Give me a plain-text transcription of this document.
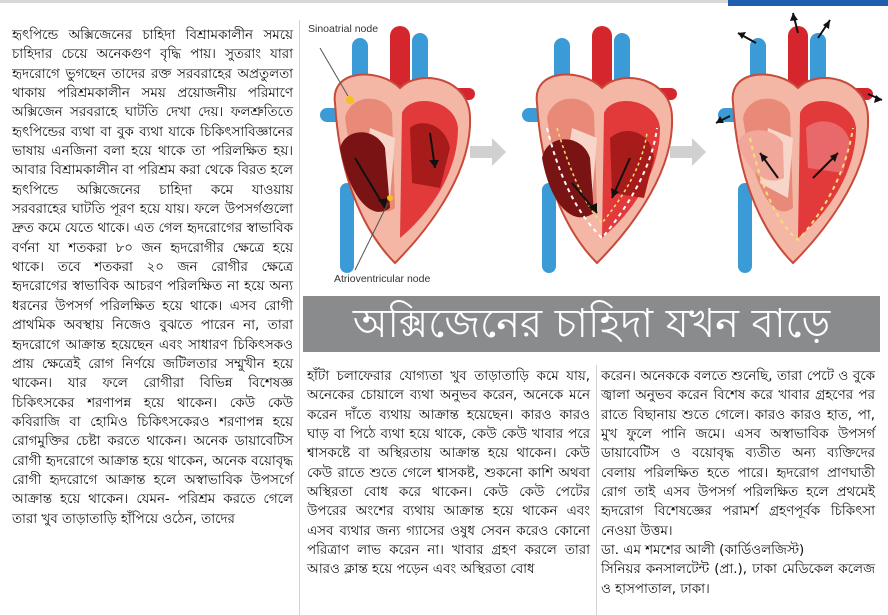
হৃৎপিন্ডে অক্সিজেনের চাহিদা বিশ্রামকালীন সময়ে চাহিদার চেয়ে অনেকগুণ বৃদ্ধি পায়। সুতরাং যারা হৃদরোগে ভুগছেন তাদের রক্ত সরবরাহের অপ্রতুলতা থাকায় পরিশ্রমকালীন সময় প্রয়োজনীয় পরিমাণে অক্সিজেন সরবরাহে ঘাটতি দেখা দেয়। ফলশ্রুতিতে হৃৎপিন্ডের ব্যথা বা বুক ব্যথা যাকে চিকিৎসাবিজ্ঞানের ভাষায় এনজিনা বলা হয়ে থাকে তা পরিলক্ষিত হয়। আবার বিশ্রামকালীন বা পরিশ্রম করা থেকে বিরত হলে হৃৎপিন্ডে অক্সিজেনের চাহিদা কমে যাওয়ায় সরবরাহের ঘাটতি পূরণ হয়ে যায়। ফলে উপসর্গগুলো দ্রুত কমে যেতে থাকে। এত গেল হৃদরোগের স্বাভাবিক বর্ণনা যা শতকরা ৮০ জন হৃদরোগীর ক্ষেত্রে হয়ে থাকে। তবে শতকরা ২০ জন রোগীর ক্ষেত্রে হৃদরোগের স্বাভাবিক আচরণ পরিলক্ষিত না হয়ে অন্য ধরনের উপসর্গ পরিলক্ষিত হয়ে থাকে। এসব রোগী প্রাথমিক অবস্থায় নিজেও বুঝতে পারেন না, তারা হৃদরোগে আক্রান্ত হয়েছেন এবং সাধারণ চিকিৎসকও প্রায় ক্ষেত্রেই রোগ নির্ণয়ে জটিলতার সম্মুখীন হয়ে থাকেন। যার ফলে রোগীরা বিভিন্ন বিশেষজ্ঞ চিকিৎসকের শরণাপন্ন হয়ে থাকেন। কেউ কেউ কবিরাজি বা হোমিও চিকিৎসকেরও শরণাপন্ন হয়ে রোগমুক্তির চেষ্টা করতে থাকেন। অনেক ডায়াবেটিস রোগী হৃদরোগে আক্রান্ত হয়ে থাকেন, অনেক বয়োবৃদ্ধ রোগী হৃদরোগে আক্রান্ত হলে অস্বাভাবিক উপসর্গে আক্রান্ত হয়ে থাকেন। যেমন- পরিশ্রম করতে গেলে তারা খুব তাড়াতাড়ি হাঁপিয়ে ওঠেন, তাদের

Sinoatrial node
Atrioventricular node
অক্সিজেনের চাহিদা যখন বাড়ে

হাঁটা চলাফেরার যোগ্যতা খুব তাড়াতাড়ি কমে যায়, অনেকের চোয়ালে ব্যথা অনুভব করেন, অনেকে মনে করেন দাঁতে ব্যথায় আক্রান্ত হয়েছেন। কারও কারও ঘাড় বা পিঠে ব্যথা হয়ে থাকে, কেউ কেউ খাবার পরে শ্বাসকষ্টে বা অস্থিরতায় আক্রান্ত হয়ে থাকেন। কেউ কেউ রাতে শুতে গেলে শ্বাসকষ্ট, শুকনো কাশি অথবা অস্থিরতা বোধ করে থাকেন। কেউ কেউ পেটের উপরের অংশের ব্যথায় আক্রান্ত হয়ে থাকেন এবং এসব ব্যথার জন্য গ্যাসের ওষুধ সেবন করেও কোনো পরিত্রাণ লাভ করেন না। খাবার গ্রহণ করলে তারা আরও ক্লান্ত হয়ে পড়েন এবং অস্থিরতা বোধ

করেন। অনেককে বলতে শুনেছি, তারা পেটে ও বুকে জ্বালা অনুভব করেন বিশেষ করে খাবার গ্রহণের পর রাতে বিছানায় শুতে গেলে। কারও কারও হাত, পা, মুখ ফুলে পানি জমে। এসব অস্বাভাবিক উপসর্গ ডায়াবেটিস ও বয়োবৃদ্ধ ব্যতীত অন্য ব্যক্তিদের বেলায় পরিলক্ষিত হতে পারে। হৃদরোগ প্রাণঘাতী রোগ তাই এসব উপসর্গ পরিলক্ষিত হলে প্রথমেই হৃদরোগ বিশেষজ্ঞের পরামর্শ গ্রহণপূর্বক চিকিৎসা নেওয়া উত্তম।

ডা. এম শমশের আলী (কার্ডিওলজিস্ট)

সিনিয়র কনসালটেন্ট (প্রা.), ঢাকা মেডিকেল কলেজ ও হাসপাতাল, ঢাকা।
